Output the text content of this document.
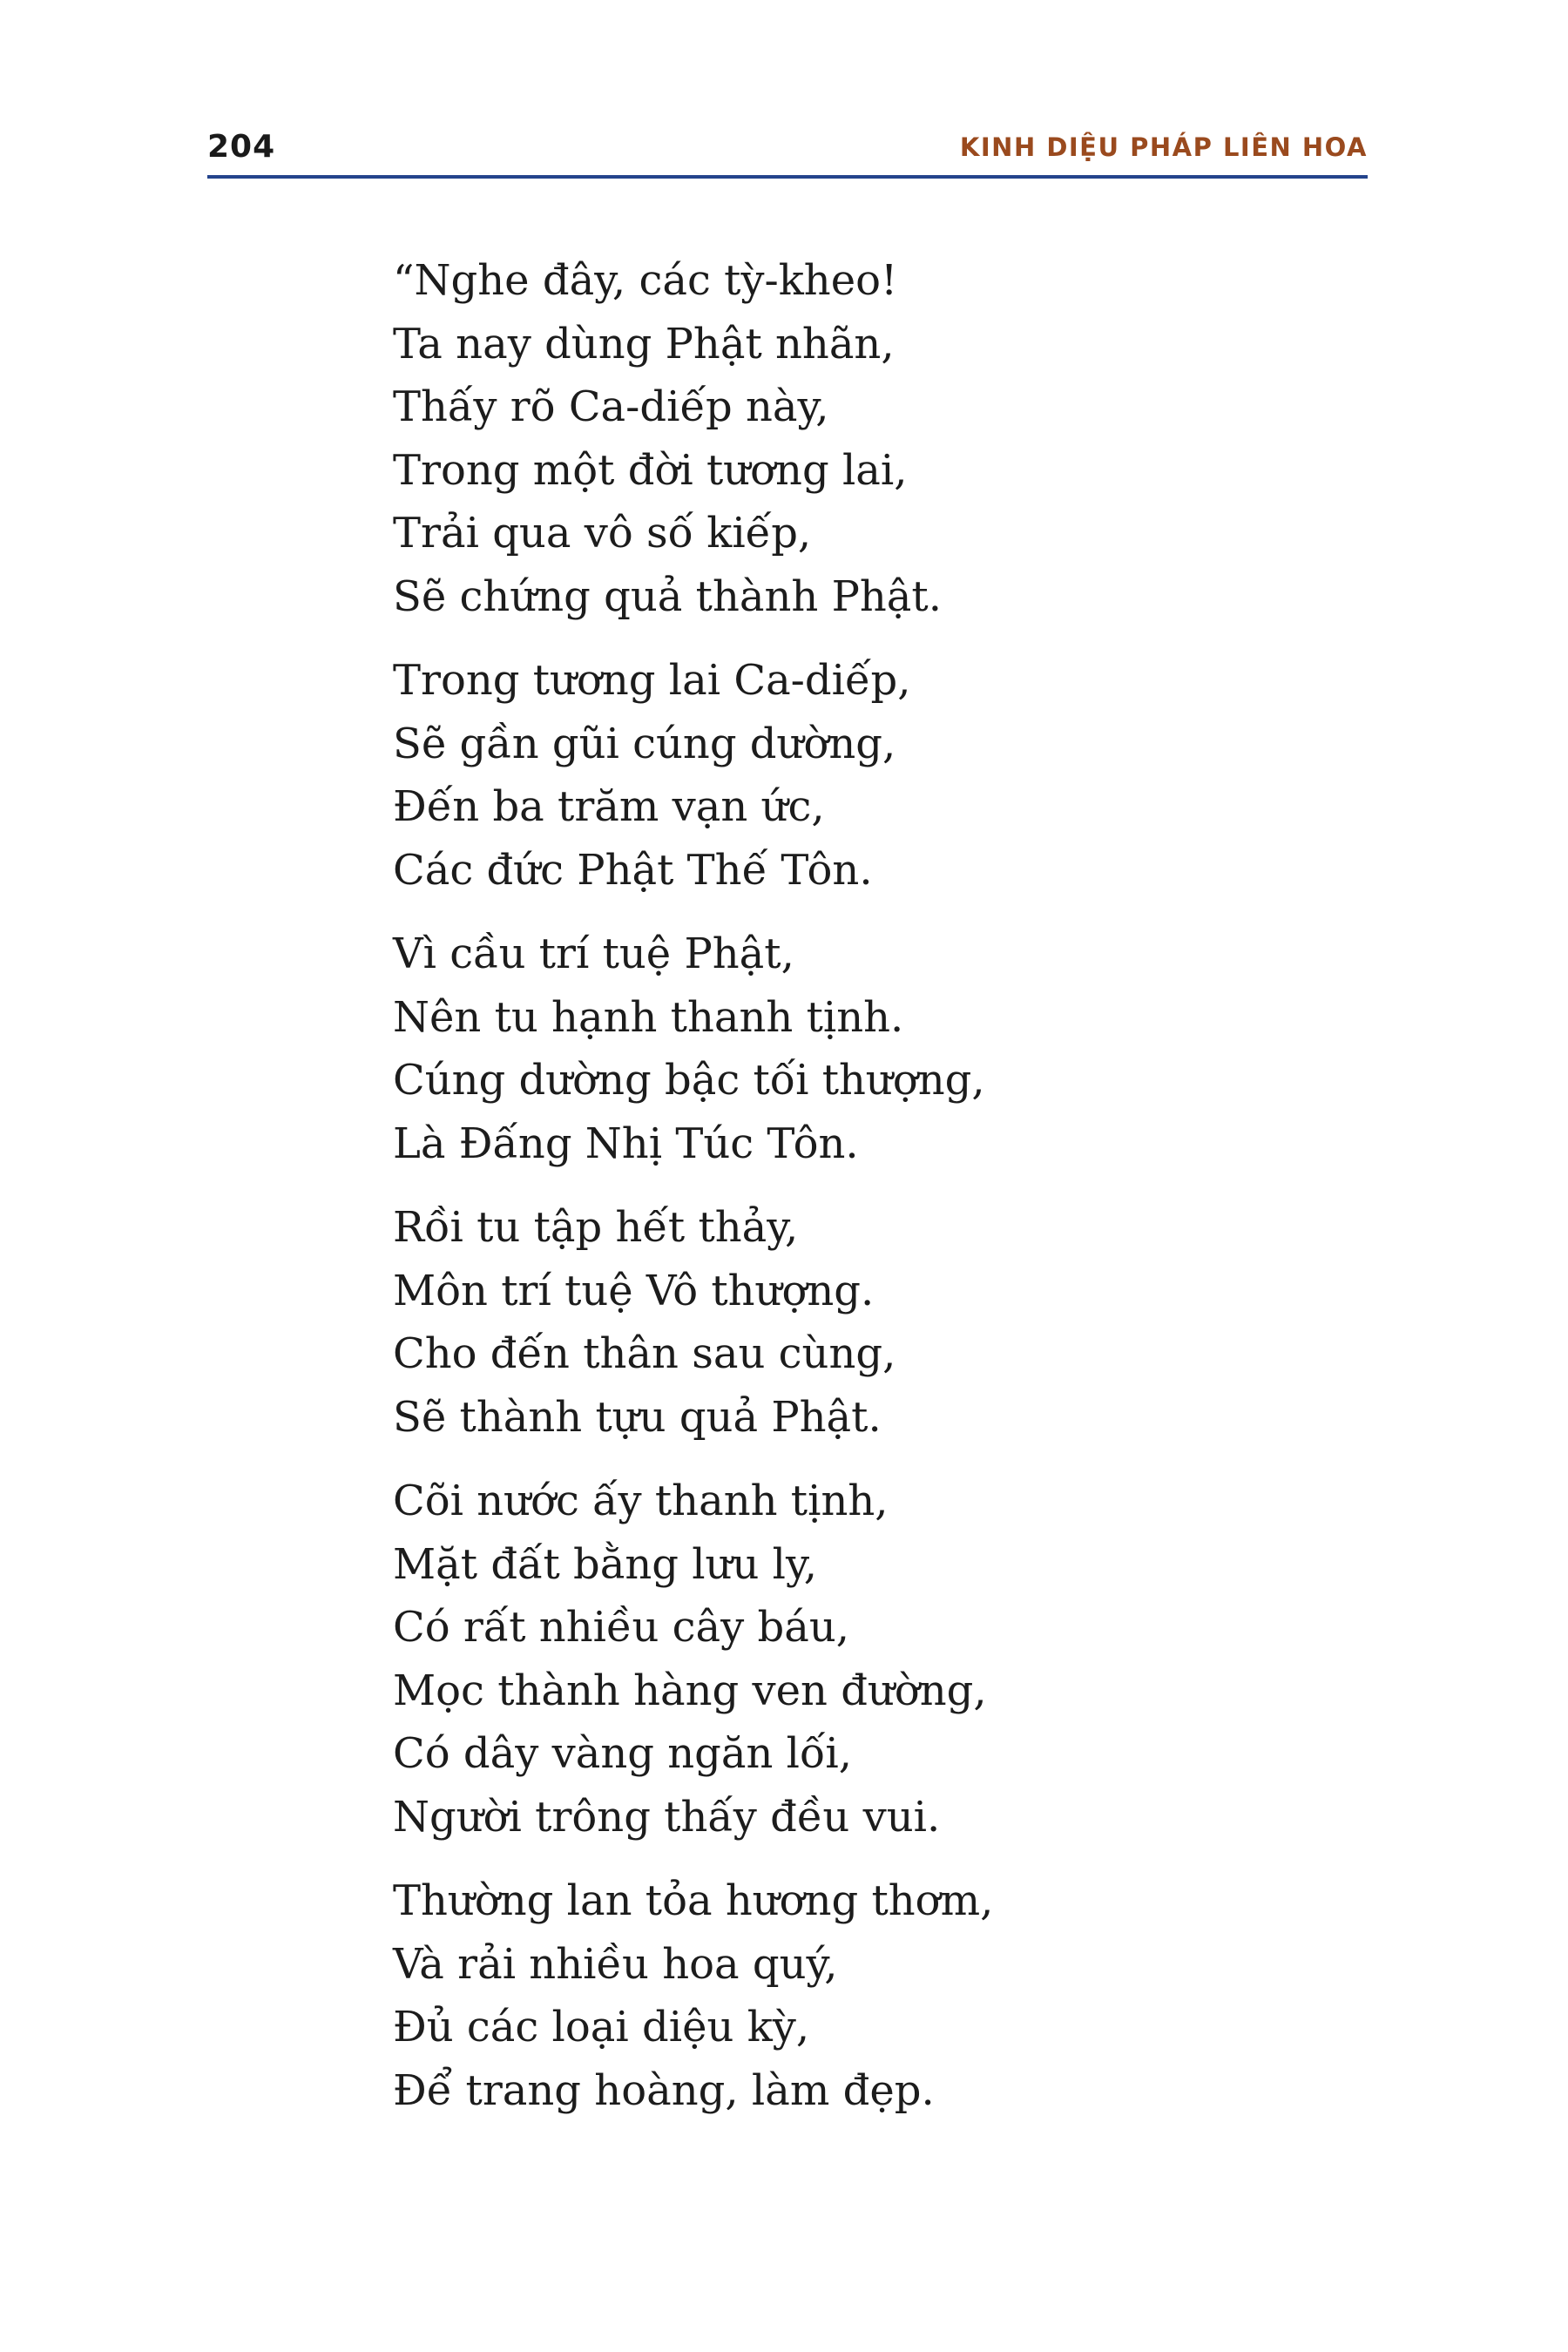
204	KINH DIỆU PHÁP LIÊN HOA
“Nghe đây, các tỳ-kheo!
Ta nay dùng Phật nhãn,
Thấy rõ Ca-diếp này,
Trong một đời tương lai,
Trải qua vô số kiếp,
Sẽ chứng quả thành Phật.
Trong tương lai Ca-diếp,
Sẽ gần gũi cúng dường,
Đến ba trăm vạn ức,
Các đức Phật Thế Tôn.
Vì cầu trí tuệ Phật,
Nên tu hạnh thanh tịnh.
Cúng dường bậc tối thượng,
Là Đấng Nhị Túc Tôn.
Rồi tu tập hết thảy,
Môn trí tuệ Vô thượng.
Cho đến thân sau cùng,
Sẽ thành tựu quả Phật.
Cõi nước ấy thanh tịnh,
Mặt đất bằng lưu ly,
Có rất nhiều cây báu,
Mọc thành hàng ven đường,
Có dây vàng ngăn lối,
Người trông thấy đều vui.
Thường lan tỏa hương thơm,
Và rải nhiều hoa quý,
Đủ các loại diệu kỳ,
Để trang hoàng, làm đẹp.
